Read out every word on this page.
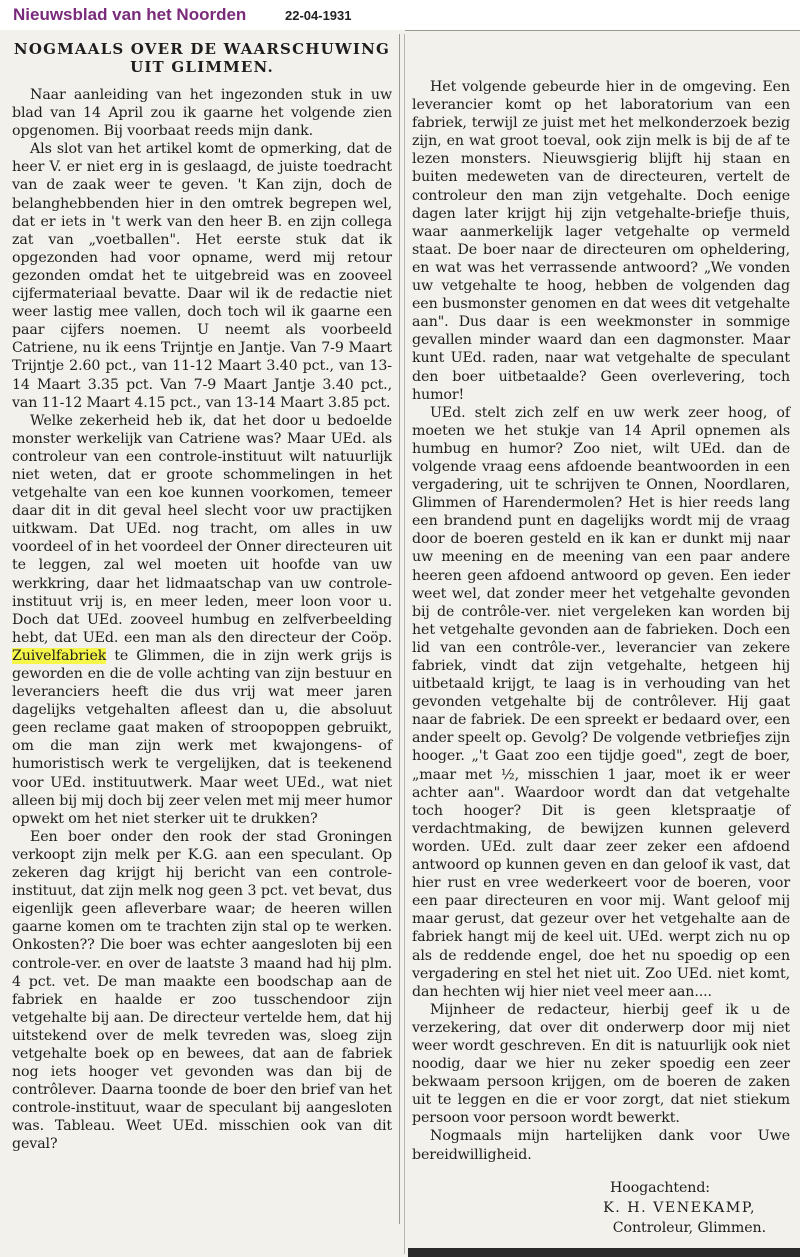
Nieuwsblad van het Noorden	22-04-1931
NOGMAALS OVER DE WAARSCHUWING
UIT GLIMMEN.

Naar aanleiding van het ingezonden stuk in uw blad van 14 April zou ik gaarne het volgende zien opgenomen. Bij voorbaat reeds mijn dank.

Als slot van het artikel komt de opmerking, dat de heer V. er niet erg in is geslaagd, de juiste toedracht van de zaak weer te geven. 't Kan zijn, doch de belanghebbenden hier in den omtrek begrepen wel, dat er iets in 't werk van den heer B. en zijn collega zat van „voetballen". Het eerste stuk dat ik opgezonden had voor opname, werd mij retour gezonden omdat het te uitgebreid was en zooveel cijfermateriaal bevatte. Daar wil ik de redactie niet weer lastig mee vallen, doch toch wil ik gaarne een paar cijfers noemen. U neemt als voorbeeld Catriene, nu ik eens Trijntje en Jantje. Van 7-9 Maart Trijntje 2.60 pct., van 11-12 Maart 3.40 pct., van 13-14 Maart 3.35 pct. Van 7-9 Maart Jantje 3.40 pct., van 11-12 Maart 4.15 pct., van 13-14 Maart 3.85 pct.

Welke zekerheid heb ik, dat het door u bedoelde monster werkelijk van Catriene was? Maar UEd. als controleur van een controle-instituut wilt natuurlijk niet weten, dat er groote schommelingen in het vetgehalte van een koe kunnen voorkomen, temeer daar dit in dit geval heel slecht voor uw practijken uitkwam. Dat UEd. nog tracht, om alles in uw voordeel of in het voordeel der Onner directeuren uit te leggen, zal wel moeten uit hoofde van uw werkkring, daar het lidmaatschap van uw controle-instituut vrij is, en meer leden, meer loon voor u. Doch dat UEd. zooveel humbug en zelfverbeelding hebt, dat UEd. een man als den directeur der Coöp. Zuivelfabriek te Glimmen, die in zijn werk grijs is geworden en die de volle achting van zijn bestuur en leveranciers heeft die dus vrij wat meer jaren dagelijks vetgehalten afleest dan u, die absoluut geen reclame gaat maken of stroopoppen gebruikt, om die man zijn werk met kwajongens- of humoristisch werk te vergelijken, dat is teekenend voor UEd. instituutwerk. Maar weet UEd., wat niet alleen bij mij doch bij zeer velen met mij meer humor opwekt om het niet sterker uit te drukken?

Een boer onder den rook der stad Groningen verkoopt zijn melk per K.G. aan een speculant. Op zekeren dag krijgt hij bericht van een controle-instituut, dat zijn melk nog geen 3 pct. vet bevat, dus eigenlijk geen afleverbare waar; de heeren willen gaarne komen om te trachten zijn stal op te werken. Onkosten?? Die boer was echter aangesloten bij een controle-ver. en over de laatste 3 maand had hij plm. 4 pct. vet. De man maakte een boodschap aan de fabriek en haalde er zoo tusschendoor zijn vetgehalte bij aan. De directeur vertelde hem, dat hij uitstekend over de melk tevreden was, sloeg zijn vetgehalte boek op en bewees, dat aan de fabriek nog iets hooger vet gevonden was dan bij de contrôlever. Daarna toonde de boer den brief van het controle-instituut, waar de speculant bij aangesloten was. Tableau. Weet UEd. misschien ook van dit geval?

Het volgende gebeurde hier in de omgeving. Een leverancier komt op het laboratorium van een fabriek, terwijl ze juist met het melkonderzoek bezig zijn, en wat groot toeval, ook zijn melk is bij de af te lezen monsters. Nieuwsgierig blijft hij staan en buiten medeweten van de directeuren, vertelt de controleur den man zijn vetgehalte. Doch eenige dagen later krijgt hij zijn vetgehalte-briefje thuis, waar aanmerkelijk lager vetgehalte op vermeld staat. De boer naar de directeuren om opheldering, en wat was het verrassende antwoord? „We vonden uw vetgehalte te hoog, hebben de volgenden dag een busmonster genomen en dat wees dit vetgehalte aan". Dus daar is een weekmonster in sommige gevallen minder waard dan een dagmonster. Maar kunt UEd. raden, naar wat vetgehalte de speculant den boer uitbetaalde? Geen overlevering, toch humor!

UEd. stelt zich zelf en uw werk zeer hoog, of moeten we het stukje van 14 April opnemen als humbug en humor? Zoo niet, wilt UEd. dan de volgende vraag eens afdoende beantwoorden in een vergadering, uit te schrijven te Onnen, Noordlaren, Glimmen of Harendermolen? Het is hier reeds lang een brandend punt en dagelijks wordt mij de vraag door de boeren gesteld en ik kan er dunkt mij naar uw meening en de meening van een paar andere heeren geen afdoend antwoord op geven. Een ieder weet wel, dat zonder meer het vetgehalte gevonden bij de contrôle-ver. niet vergeleken kan worden bij het vetgehalte gevonden aan de fabrieken. Doch een lid van een contrôle-ver., leverancier van zekere fabriek, vindt dat zijn vetgehalte, hetgeen hij uitbetaald krijgt, te laag is in verhouding van het gevonden vetgehalte bij de contrôlever. Hij gaat naar de fabriek. De een spreekt er bedaard over, een ander speelt op. Gevolg? De volgende vetbriefjes zijn hooger. „'t Gaat zoo een tijdje goed", zegt de boer, „maar met ½, misschien 1 jaar, moet ik er weer achter aan". Waardoor wordt dan dat vetgehalte toch hooger? Dit is geen kletspraatje of verdachtmaking, de bewijzen kunnen geleverd worden. UEd. zult daar zeer zeker een afdoend antwoord op kunnen geven en dan geloof ik vast, dat hier rust en vree wederkeert voor de boeren, voor een paar directeuren en voor mij. Want geloof mij maar gerust, dat gezeur over het vetgehalte aan de fabriek hangt mij de keel uit. UEd. werpt zich nu op als de reddende engel, doe het nu spoedig op een vergadering en stel het niet uit. Zoo UEd. niet komt, dan hechten wij hier niet veel meer aan....

Mijnheer de redacteur, hierbij geef ik u de verzekering, dat over dit onderwerp door mij niet weer wordt geschreven. En dit is natuurlijk ook niet noodig, daar we hier nu zeker spoedig een zeer bekwaam persoon krijgen, om de boeren de zaken uit te leggen en die er voor zorgt, dat niet stiekum persoon voor persoon wordt bewerkt.

Nogmaals mijn hartelijken dank voor Uwe bereidwilligheid.

Hoogachtend:
K. H. VENEKAMP,
Controleur, Glimmen.
